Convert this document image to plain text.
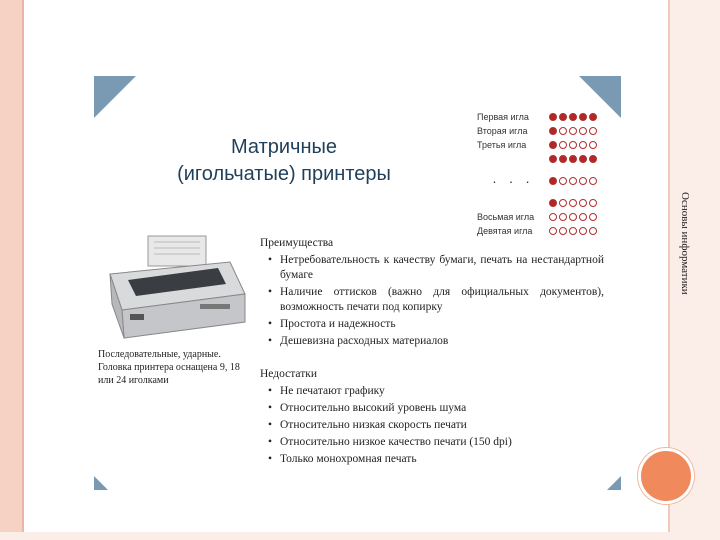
Основы информатики
Матричные
(игольчатые) принтеры
Первая игла
Вторая игла
Третья игла
· · ·
Восьмая игла
Девятая игла
Последовательные, ударные.
Головка принтера оснащена 9, 18
или 24 иголками
Преимущества
• Нетребовательность к качеству бумаги, печать на нестандартной бумаге
• Наличие оттисков (важно для официальных документов), возможность печати под копирку
• Простота и надежность
• Дешевизна расходных материалов
Недостатки
• Не печатают графику
• Относительно высокий уровень шума
• Относительно низкая скорость печати
• Относительно низкое качество печати (150 dpi)
• Только монохромная печать
